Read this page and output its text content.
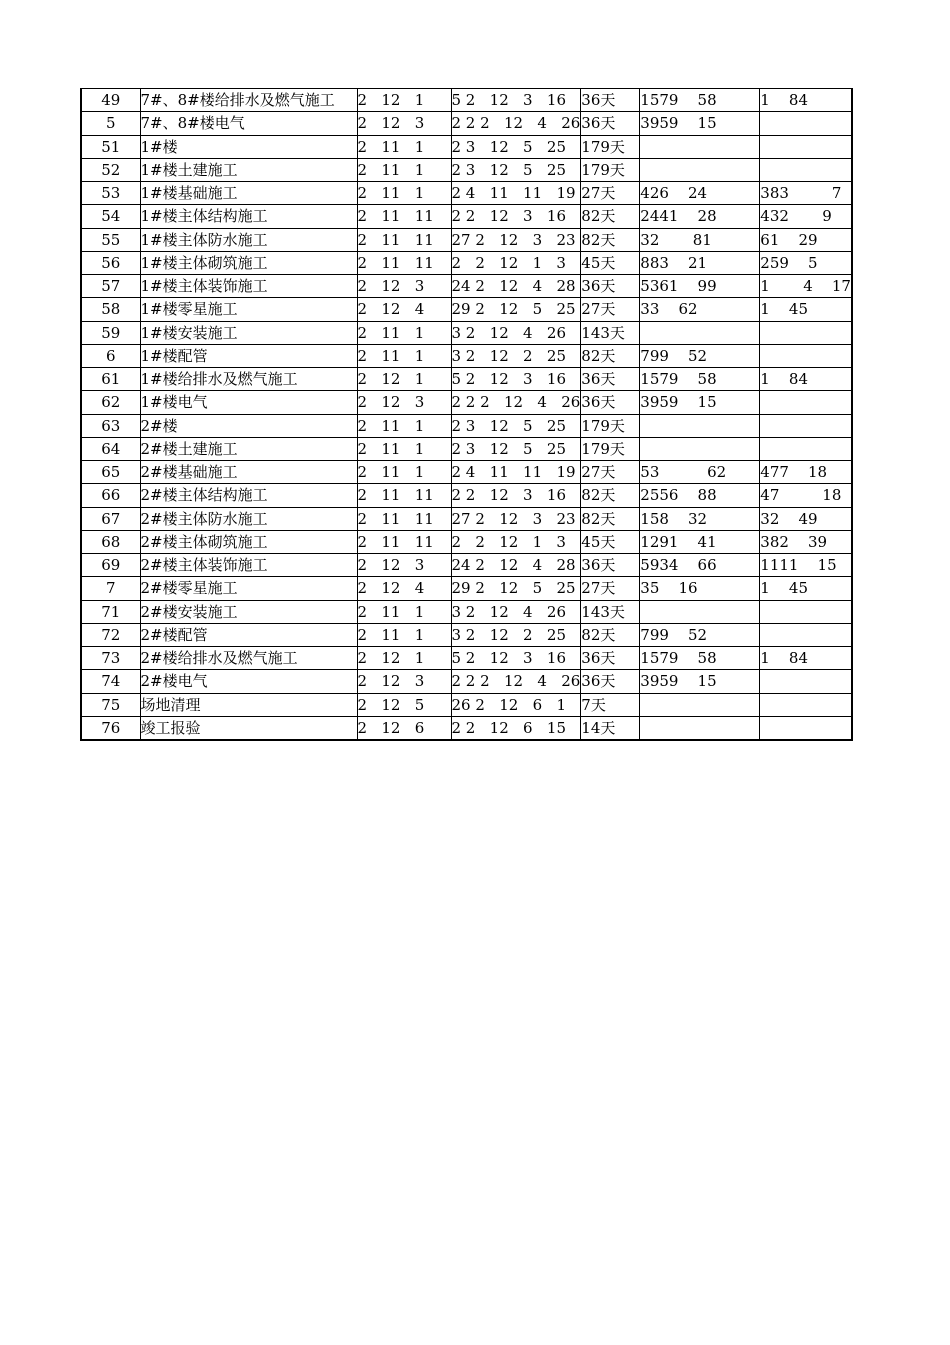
49	7#、8#楼给排水及燃气施工	2   12   1	5 2   12   3   16	36天	1579    58	1    84
5	7#、8#楼电气	2   12   3	2 2 2   12   4   26	36天	3959    15	
51	1#楼	2   11   1	2 3   12   5   25	179天		
52	1#楼土建施工	2   11   1	2 3   12   5   25	179天		
53	1#楼基础施工	2   11   1	2 4   11   11   19	27天	426    24	383         7
54	1#楼主体结构施工	2   11   11	2 2   12   3   16	82天	2441    28	432       9
55	1#楼主体防水施工	2   11   11	27 2   12   3   23	82天	32       81	61    29
56	1#楼主体砌筑施工	2   11   11	2   2   12   1   3	45天	883    21	259    5
57	1#楼主体装饰施工	2   12   3	24 2   12   4   28	36天	5361    99	1       4    17
58	1#楼零星施工	2   12   4	29 2   12   5   25	27天	33    62	1    45
59	1#楼安装施工	2   11   1	3 2   12   4   26	143天		
6	1#楼配管	2   11   1	3 2   12   2   25	82天	799    52	
61	1#楼给排水及燃气施工	2   12   1	5 2   12   3   16	36天	1579    58	1    84
62	1#楼电气	2   12   3	2 2 2   12   4   26	36天	3959    15	
63	2#楼	2   11   1	2 3   12   5   25	179天		
64	2#楼土建施工	2   11   1	2 3   12   5   25	179天		
65	2#楼基础施工	2   11   1	2 4   11   11   19	27天	53          62	477    18
66	2#楼主体结构施工	2   11   11	2 2   12   3   16	82天	2556    88	47         18
67	2#楼主体防水施工	2   11   11	27 2   12   3   23	82天	158    32	32    49
68	2#楼主体砌筑施工	2   11   11	2   2   12   1   3	45天	1291    41	382    39
69	2#楼主体装饰施工	2   12   3	24 2   12   4   28	36天	5934    66	1111    15
7	2#楼零星施工	2   12   4	29 2   12   5   25	27天	35    16	1    45
71	2#楼安装施工	2   11   1	3 2   12   4   26	143天		
72	2#楼配管	2   11   1	3 2   12   2   25	82天	799    52	
73	2#楼给排水及燃气施工	2   12   1	5 2   12   3   16	36天	1579    58	1    84
74	2#楼电气	2   12   3	2 2 2   12   4   26	36天	3959    15	
75	场地清理	2   12   5	26 2   12   6   1	7天		
76	竣工报验	2   12   6	2 2   12   6   15	14天		
